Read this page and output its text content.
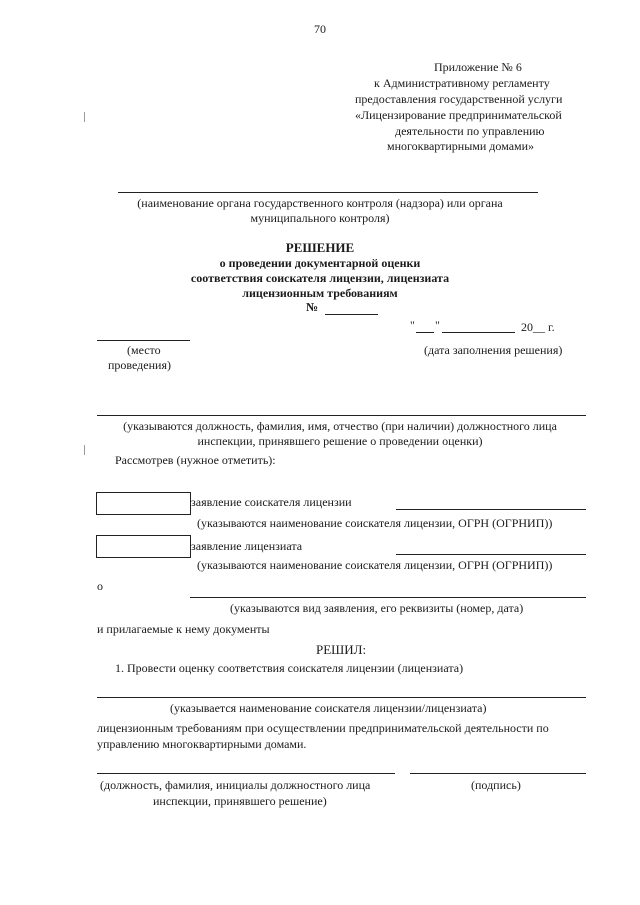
70
Приложение № 6
к Административному регламенту
предоставления государственной услуги
«Лицензирование предпринимательской
деятельности по управлению
многоквартирными домами»
(наименование органа государственного контроля (надзора) или органа
муниципального контроля)
РЕШЕНИЕ
о проведении документарной оценки
соответствия соискателя лицензии, лицензиата
лицензионным требованиям
№
(место
проведения)
" "	20__ г.
(дата заполнения решения)
(указываются должность, фамилия, имя, отчество (при наличии) должностного лица
инспекции, принявшего решение о проведении оценки)
Рассмотрев (нужное отметить):
заявление соискателя лицензии
(указываются наименование соискателя лицензии, ОГРН (ОГРНИП))
заявление лицензиата
(указываются наименование соискателя лицензии, ОГРН (ОГРНИП))
о
(указываются вид заявления, его реквизиты (номер, дата)
и прилагаемые к нему документы
РЕШИЛ:
1. Провести оценку соответствия соискателя лицензии (лицензиата)
(указывается наименование соискателя лицензии/лицензиата)
лицензионным требованиям при осуществлении предпринимательской деятельности по
управлению многоквартирными домами.
(должность, фамилия, инициалы должностного лица
инспекции, принявшего решение)
(подпись)
